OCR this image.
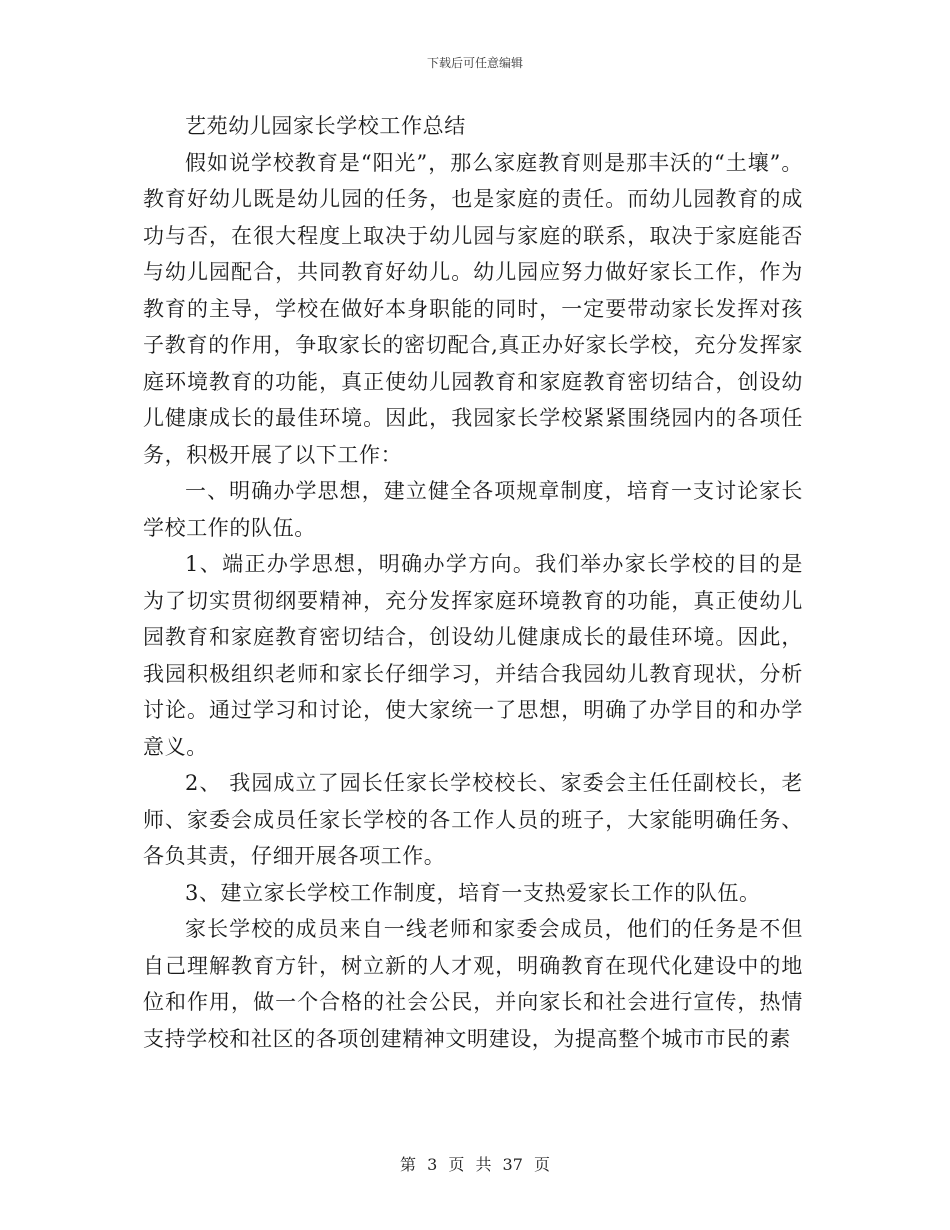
下载后可任意编辑
艺苑幼儿园家长学校工作总结

假如说学校教育是“阳光”，那么家庭教育则是那丰沃的“土壤”。教育好幼儿既是幼儿园的任务，也是家庭的责任。而幼儿园教育的成功与否，在很大程度上取决于幼儿园与家庭的联系，取决于家庭能否与幼儿园配合，共同教育好幼儿。幼儿园应努力做好家长工作，作为教育的主导，学校在做好本身职能的同时，一定要带动家长发挥对孩子教育的作用，争取家长的密切配合,真正办好家长学校，充分发挥家庭环境教育的功能，真正使幼儿园教育和家庭教育密切结合，创设幼儿健康成长的最佳环境。因此，我园家长学校紧紧围绕园内的各项任务，积极开展了以下工作：

一、明确办学思想，建立健全各项规章制度，培育一支讨论家长学校工作的队伍。

1、端正办学思想，明确办学方向。我们举办家长学校的目的是为了切实贯彻纲要精神，充分发挥家庭环境教育的功能，真正使幼儿园教育和家庭教育密切结合，创设幼儿健康成长的最佳环境。因此，我园积极组织老师和家长仔细学习，并结合我园幼儿教育现状，分析讨论。通过学习和讨论，使大家统一了思想，明确了办学目的和办学意义。

2、 我园成立了园长任家长学校校长、家委会主任任副校长，老师、家委会成员任家长学校的各工作人员的班子，大家能明确任务、各负其责，仔细开展各项工作。

3、建立家长学校工作制度，培育一支热爱家长工作的队伍。

家长学校的成员来自一线老师和家委会成员，他们的任务是不但自己理解教育方针，树立新的人才观，明确教育在现代化建设中的地位和作用，做一个合格的社会公民，并向家长和社会进行宣传，热情支持学校和社区的各项创建精神文明建设，为提高整个城市市民的素

第 3 页 共 37 页
